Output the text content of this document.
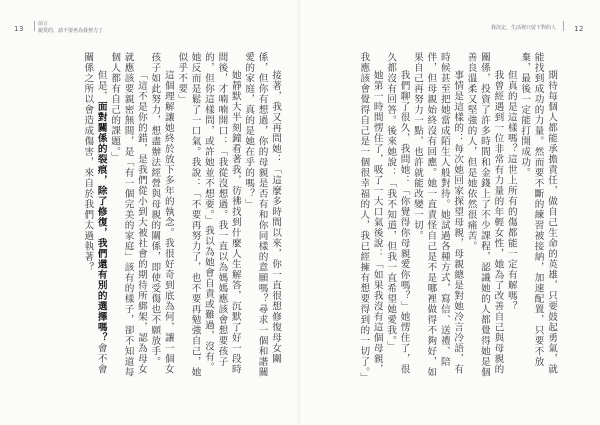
13
前言
親愛的，請不要再為我努力了

接著，我又再問她：「這麼多時間以來，你一直很想修復母女關係，但你有想過，你的母親是否有和你同樣的意願嗎？尋求一個和諧關愛的家庭，真的是她在乎的嗎？」

她靜默大半刻鐘看著我，彷彿找到什麼人生解答，沉默了好一段時間後，才喃喃開口：「我從沒想過。我一直以為媽媽應該會想要孩子的，但你這樣問，或許她並不想要。」我以為她會自責或難過，沒有。她反而是鬆了一口氣。我說：「不要再努力了，也不要再勉強自己，她似乎不要」

這個理解讓她終於放下多年的執念。我很好奇到底為何，讓一個女孩子如此努力，想盡辦法經營與母親的關係，即使受傷也不願放手。

「這不是你的錯，是我們從小到大被社會的期待所綁架，認為母女就應該要親密無間，是「有一個完美的家庭」該有的樣子，卻不知道每個人都有自己的課題。」

但是，面對關係的裂痕，除了修復，我們還有別的選擇嗎？會不會關係之所以會造成傷害，來自於我們太過執著？

我決定，生活裡只留下對的人	12

期待每個人都能承擔責任，做自己生命的英雄，只要鼓起勇氣，就能找到成功的力量。然而要不斷的練習被接納，加速配置，只要不放棄，最後一定能打開成功。

但真的是這樣嗎？這世上所有的傷都能一定有解嗎？

我曾經遇到一位非常有力量的年輕女性，她為了改善自己與母親的關係，投資了許多時間和金錢上了不少課程，認識她的人都覺得她是個善良溫柔又堅強的人，但是她依然很痛苦。

事情是這樣的：每次她回家探望母親，母親總是對她冷言冷語，有時候甚至把她當成陌生人般對待。她試過各種方式，寫信、送禮、陪伴，但母親始終沒有回應。她一直責怪自己是不是哪裡做得不夠好，如果自己再努力一點，也許就能改變一切。

我們聊了很久，我問她：「你覺得你母親愛你嗎？」她愣住了，很久都沒有回答。後來她說：「我不知道，但我一直希望她愛我。」

她第一時間愣住了，吸了一大口氣後說：「如果我沒有這個母親，我應該會覺得自己是一個很幸福的人，我已經擁有想要得到的一切了。」
